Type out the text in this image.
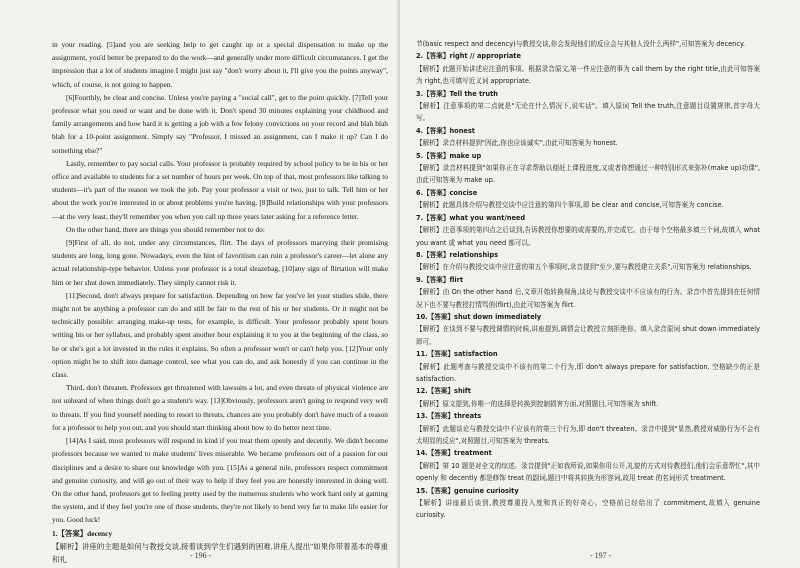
in your reading. [5]and you are seeking help to get caught up or a special dispensation to make up the assignment, you'd better be prepared to do the work—and generally under more difficult circumstances. I get the impression that a lot of students imagine I might just say "don't worry about it, I'll give you the points anyway", which, of course, is not going to happen.

[6]Fourthly, be clear and concise. Unless you're paying a "social call", get to the point quickly. [7]Tell your professor what you need or want and be done with it. Don't spend 30 minutes explaining your childhood and family arrangements and how hard it is getting a job with a few felony convictions on your record and blah blah blah for a 10-point assignment. Simply say "Professor, I missed an assignment, can I make it up? Can I do something else?"

Lastly, remember to pay social calls. Your professor is probably required by school policy to be in his or her office and available to students for a set number of hours per week. On top of that, most professors like talking to students—it's part of the reason we took the job. Pay your professor a visit or two, just to talk. Tell him or her about the work you're interested in or about problems you're having. [8]Build relationships with your professors—at the very least, they'll remember you when you call up three years later asking for a reference letter.

On the other hand, there are things you should remember not to do:

[9]First of all, do not, under any circumstances, flirt. The days of professors marrying their promising students are long, long gone. Nowadays, even the hint of favoritism can ruin a professor's career—let alone any actual relationship-type behavior. Unless your professor is a total sleazebag, [10]any sign of flirtation will make him or her shut down immediately. They simply cannot risk it.

[11]Second, don't always prepare for satisfaction. Depending on how far you've let your studies slide, there might not be anything a professor can do and still be fair to the rest of his or her students. Or it might not be technically possible: arranging make-up tests, for example, is difficult. Your professor probably spent hours writing his or her syllabus, and probably spent another hour explaining it to you at the beginning of the class, so he or she's got a lot invested in the rules it explains. So often a professor won't or can't help you. [12]Your only option might be to shift into damage control, see what you can do, and ask honestly if you can continue in the class.

Third, don't threaten. Professors get threatened with lawsuits a lot, and even threats of physical violence are not unheard of when things don't go a student's way. [13]Obviously, professors aren't going to respond very well to threats. If you find yourself needing to resort to threats, chances are you probably don't have much of a reason for a professor to help you out, and you should start thinking about how to do better next time.

[14]As I said, most professors will respond in kind if you treat them openly and decently. We didn't become professors because we wanted to make students' lives miserable. We became professors out of a passion for our disciplines and a desire to share our knowledge with you. [15]As a general rule, professors respect commitment and genuine curiosity, and will go out of their way to help if they feel you are honestly interested in doing well. On the other hand, professors get to feeling pretty used by the numerous students who work hard only at gaming the system, and if they feel you're one of those students, they're not likely to bend very far to make life easier for you. Good luck!

1.【答案】decency

【解析】讲座的主题是如何与教授交谈,接着谈到学生们遇到的困难,讲座人提出"如果你带着基本的尊重和礼	- 196 -

节(basic respect and decency)与教授交谈,你会发现他们的反应会与其他人没什么两样",可知答案为 decency.

2.【答案】right // appropriate

【解析】此题开始讲述应注意的事项。根据录音原文,第一件应注意的事为 call them by the right title,由此可知答案为 right,也可填写近义词 appropriate.

3.【答案】Tell the truth

【解析】注意事项的第二点就是"无论在什么情况下,说实话"。填入原词 Tell the truth,注意题目设置规律,首字母大写。

4.【答案】honest

【解析】录音材料提到"因此,你也应该诚实",由此可知答案为 honest.

5.【答案】make up

【解析】录音材料提到"如果你正在寻求帮助以便赶上课程进度,又或者你想通过一种特别形式来弥补(make up)功课",由此可知答案为 make up.

6.【答案】concise

【解析】此题具体介绍与教授交谈中应注意的第四个事项,即 be clear and concise,可知答案为 concise.

7.【答案】what you want/need

【解析】注意事项的第四点之后谈到,告诉教授你想要的或需要的,并完成它。由于每个空格最多填三个词,故填入 what you want 或 what you need 都可以。

8.【答案】relationships

【解析】在介绍与教授交谈中应注意的第五个事项时,录音提到"至少,要与教授建立关系",可知答案为 relationships.

9.【答案】flirt

【解析】由 On the other hand 后,文章开始转换视角,谈论与教授交谈中不应该有的行为。录音中首先提到在任何情况下也不要与教授打情骂俏(flirt),由此可知答案为 flirt.

10.【答案】shut down immediately

【解析】在谈到不要与教授调情的时候,讲座提到,调情会让教授立刻拒绝你。填入录音原词 shut down immediately 即可。

11.【答案】satisfaction

【解析】此题考查与教授交谈中不该有的第二个行为,即 don't always prepare for satisfaction. 空格缺少的正是 satisfaction.

12.【答案】shift

【解析】原文提到,你唯一的选择是转换到控制损害方面,对照题目,可知答案为 shift.

13.【答案】threats

【解析】此题谈论与教授交谈中不应该有的第三个行为,即 don't threaten。录音中提到"显然,教授对威胁行为不会有太明显的反应",对照题目,可知答案为 threats.

14.【答案】treatment

【解析】第 10 题是对全文的综述。录音提到"正如我所说,如果你用公开,礼貌的方式对待教授们,他们会乐意帮忙",其中 openly 和 decently 都是修饰 treat 的副词,题目中将其转换为形容词,故用 treat 的名词形式 treatment.

15.【答案】genuine curiosity

【解析】讲座最后谈到,教授尊重投入度和真正的好奇心。空格前已经给出了 commitment,故填入 genuine curiosity.

- 197 -
